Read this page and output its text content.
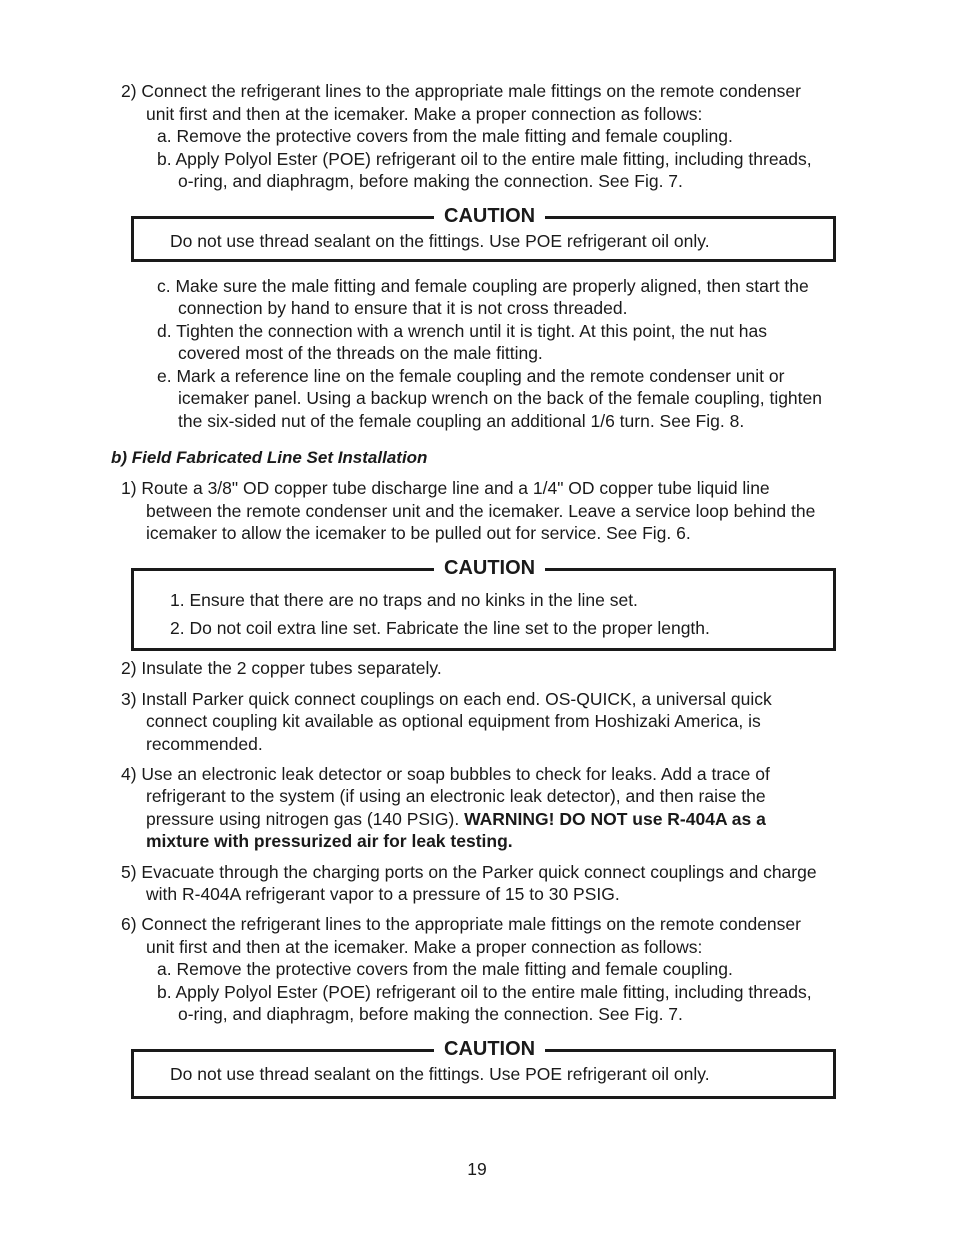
2) Connect the refrigerant lines to the appropriate male fittings on the remote condenser
unit first and then at the icemaker. Make a proper connection as follows:
a. Remove the protective covers from the male fitting and female coupling.
b. Apply Polyol Ester (POE) refrigerant oil to the entire male fitting, including threads,
o-ring, and diaphragm, before making the connection. See Fig. 7.
CAUTION
Do not use thread sealant on the fittings. Use POE refrigerant oil only.
c. Make sure the male fitting and female coupling are properly aligned, then start the
connection by hand to ensure that it is not cross threaded.
d. Tighten the connection with a wrench until it is tight. At this point, the nut has
covered most of the threads on the male fitting.
e. Mark a reference line on the female coupling and the remote condenser unit or
icemaker panel. Using a backup wrench on the back of the female coupling, tighten
the six-sided nut of the female coupling an additional 1/6 turn. See Fig. 8.
b) Field Fabricated Line Set Installation
1) Route a 3/8" OD copper tube discharge line and a 1/4" OD copper tube liquid line
between the remote condenser unit and the icemaker. Leave a service loop behind the
icemaker to allow the icemaker to be pulled out for service. See Fig. 6.
CAUTION
1. Ensure that there are no traps and no kinks in the line set.
2. Do not coil extra line set. Fabricate the line set to the proper length.
2) Insulate the 2 copper tubes separately.
3) Install Parker quick connect couplings on each end. OS-QUICK, a universal quick
connect coupling kit available as optional equipment from Hoshizaki America, is
recommended.
4) Use an electronic leak detector or soap bubbles to check for leaks. Add a trace of
refrigerant to the system (if using an electronic leak detector), and then raise the
pressure using nitrogen gas (140 PSIG). WARNING! DO NOT use R-404A as a
mixture with pressurized air for leak testing.
5) Evacuate through the charging ports on the Parker quick connect couplings and charge
with R-404A refrigerant vapor to a pressure of 15 to 30 PSIG.
6) Connect the refrigerant lines to the appropriate male fittings on the remote condenser
unit first and then at the icemaker. Make a proper connection as follows:
a. Remove the protective covers from the male fitting and female coupling.
b. Apply Polyol Ester (POE) refrigerant oil to the entire male fitting, including threads,
o-ring, and diaphragm, before making the connection. See Fig. 7.
CAUTION
Do not use thread sealant on the fittings. Use POE refrigerant oil only.
19
